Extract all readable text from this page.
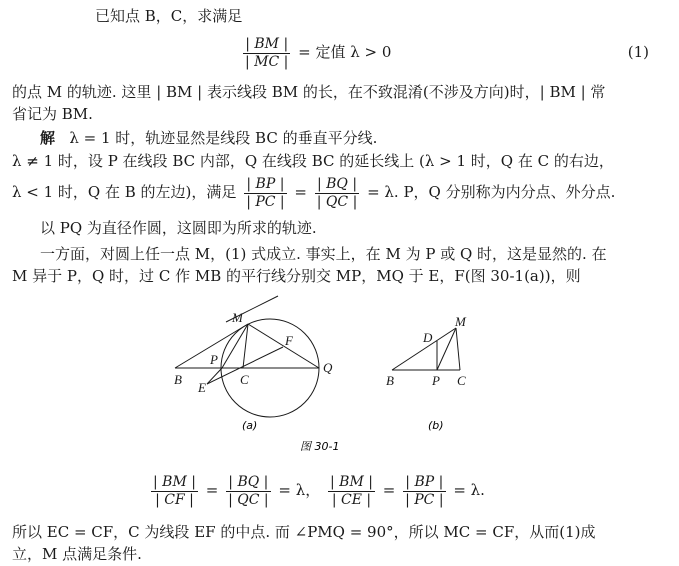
已知点 B，C，求满足
$\frac{| BM |}{| MC |}$ = 定值 λ > 0	(1)
的点 M 的轨迹. 这里 | BM | 表示线段 BM 的长，在不致混淆(不涉及方向)时，| BM | 常
省记为 BM.
解 λ = 1 时，轨迹显然是线段 BC 的垂直平分线.
λ ≠ 1 时，设 P 在线段 BC 内部，Q 在线段 BC 的延长线上 (λ > 1 时，Q 在 C 的右边，
λ < 1 时，Q 在 B 的左边)，满足 $\frac{| BP |}{| PC |} = \frac{| BQ |}{| QC |} = \lambda$. P，Q 分别称为内分点、外分点.
以 PQ 为直径作圆，这圆即为所求的轨迹.
一方面，对圆上任一点 M，(1) 式成立. 事实上，在 M 为 P 或 Q 时，这是显然的. 在
M 异于 P，Q 时，过 C 作 MB 的平行线分别交 MP，MQ 于 E，F(图 30-1(a))，则
M
P
F
Q
B	C
E
(a)
M
D
B	P C
(b)
图 30-1
$\frac{| BM |}{| CF |} = \frac{| BQ |}{| QC |} = \lambda$， $\frac{| BM |}{| CE |} = \frac{| BP |}{| PC |} = \lambda$.
所以 EC = CF，C 为线段 EF 的中点. 而 ∠PMQ = 90°，所以 MC = CF，从而(1)成
立，M 点满足条件.
